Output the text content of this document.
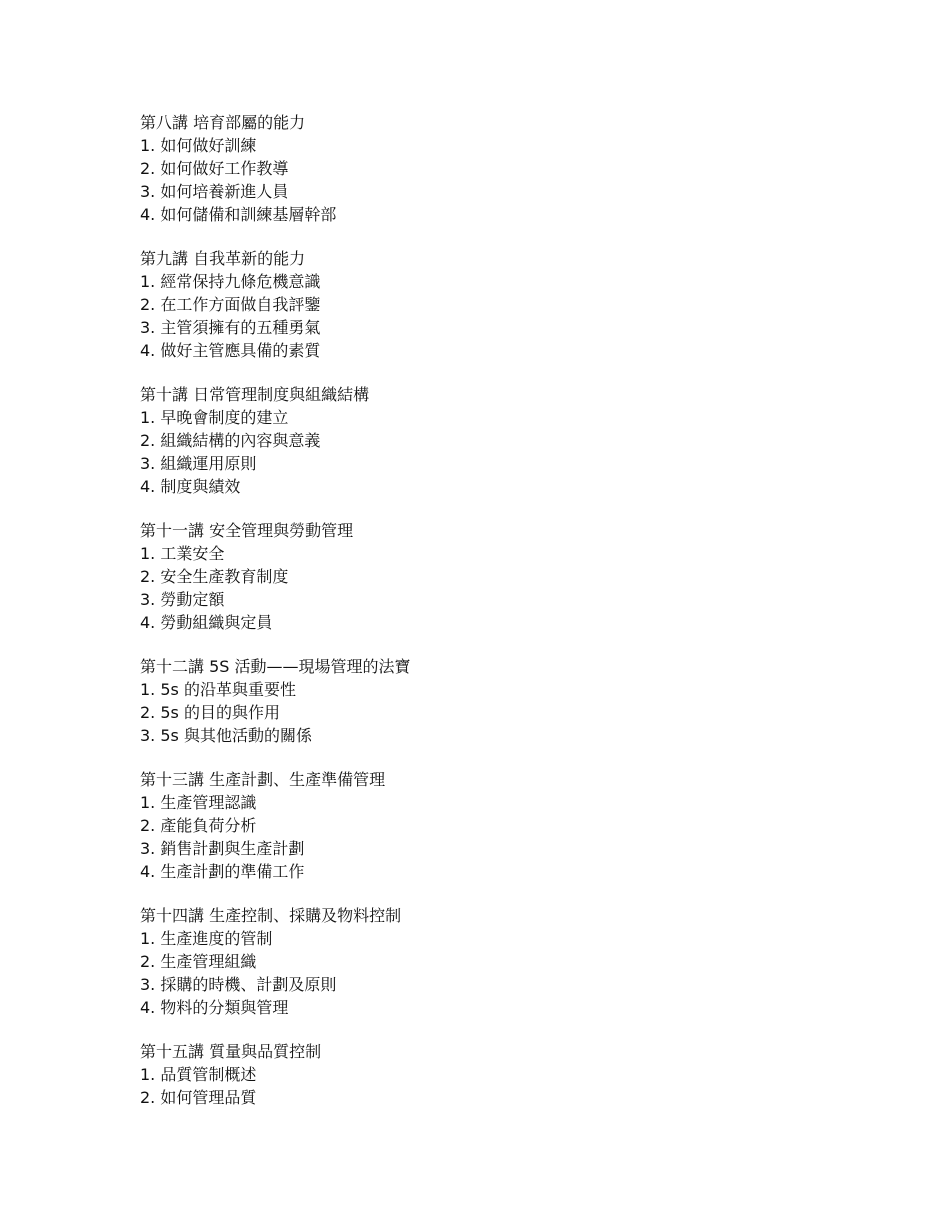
第八講 培育部屬的能力
1. 如何做好訓練
2. 如何做好工作教導
3. 如何培養新進人員
4. 如何儲備和訓練基層幹部
第九講 自我革新的能力
1. 經常保持九條危機意識
2. 在工作方面做自我評鑒
3. 主管須擁有的五種勇氣
4. 做好主管應具備的素質
第十講 日常管理制度與組織結構
1. 早晚會制度的建立
2. 組織結構的內容與意義
3. 組織運用原則
4. 制度與績效
第十一講 安全管理與勞動管理
1. 工業安全
2. 安全生產教育制度
3. 勞動定額
4. 勞動組織與定員
第十二講 5S 活動——現場管理的法寶
1. 5s 的沿革與重要性
2. 5s 的目的與作用
3. 5s 與其他活動的關係
第十三講 生產計劃、生產準備管理
1. 生產管理認識
2. 產能負荷分析
3. 銷售計劃與生產計劃
4. 生產計劃的準備工作
第十四講 生產控制、採購及物料控制
1. 生產進度的管制
2. 生產管理組織
3. 採購的時機、計劃及原則
4. 物料的分類與管理
第十五講 質量與品質控制
1. 品質管制概述
2. 如何管理品質
